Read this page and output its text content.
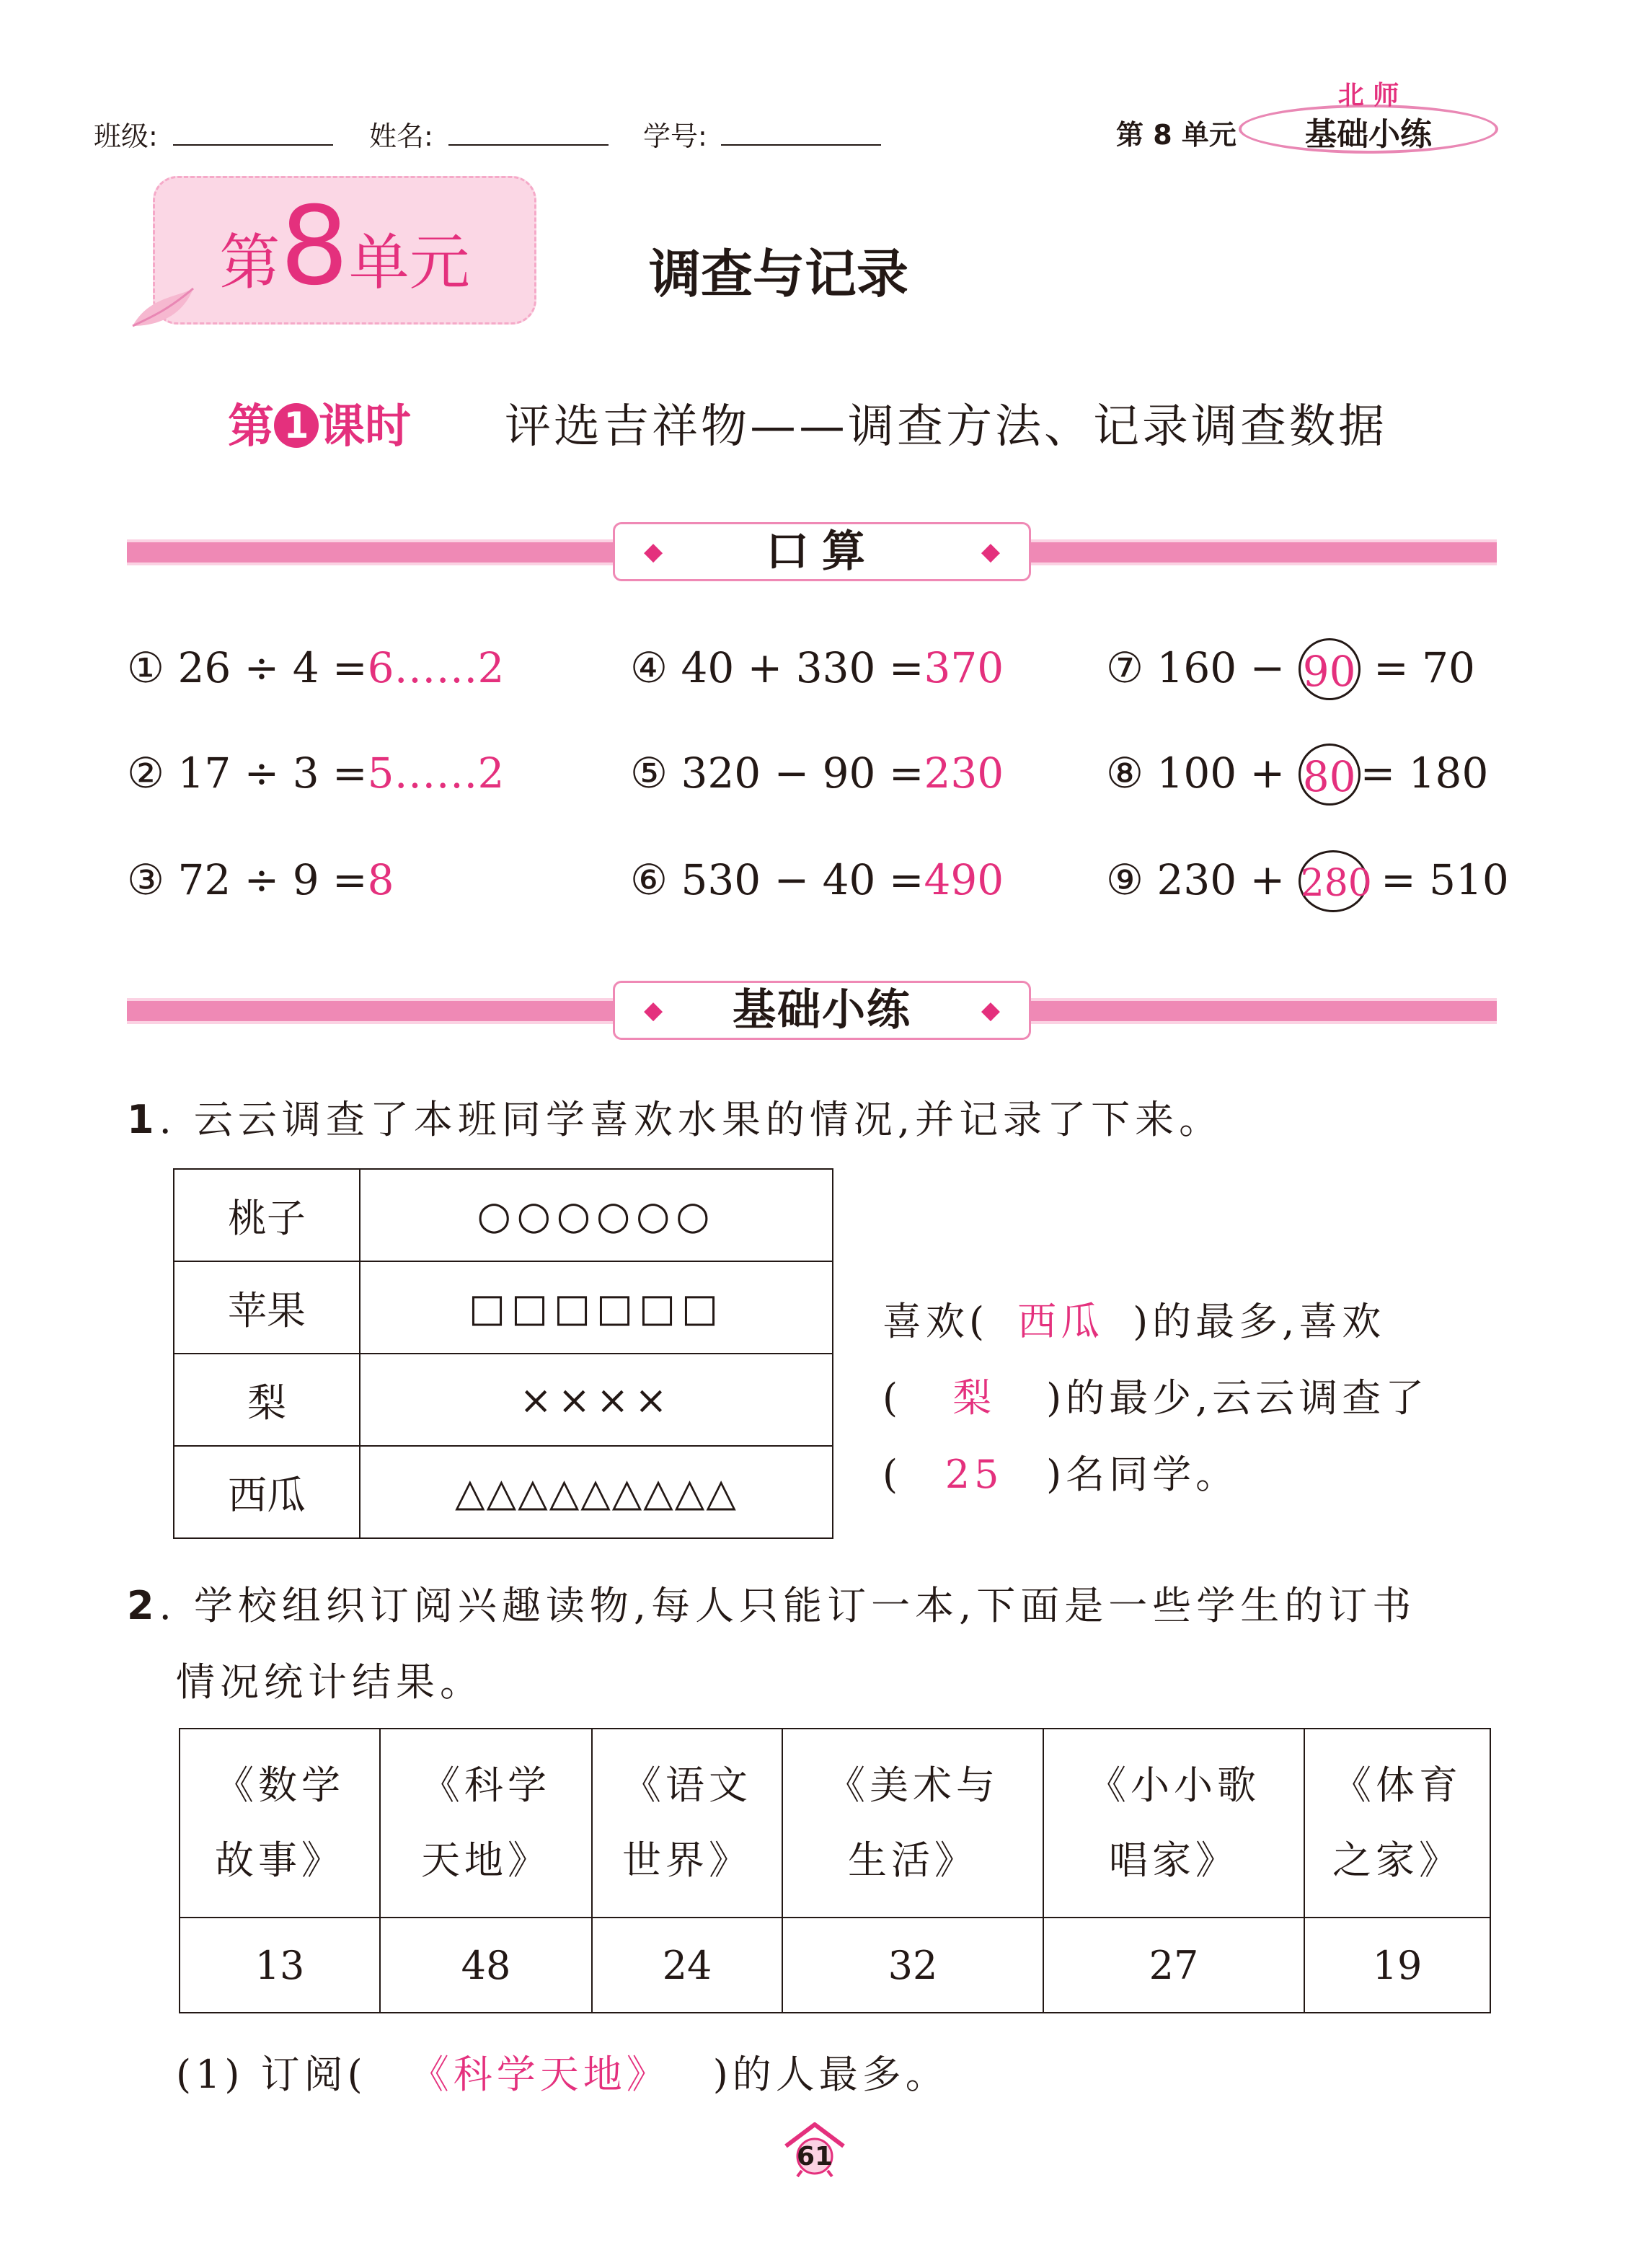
班级:	姓名:	学号:	第 8 单元	基础小练
北 师
第8单元	调查与记录
第 1 课时 评选吉祥物——调查方法、记录调查数据
◆	口算	◆
① 26 ÷ 4 =6……2
② 17 ÷ 3 =5……2
③ 72 ÷ 9 =8
④ 40 + 330 =370
⑤ 320 − 90 =230
⑥ 530 − 40 =490
⑦ 160 − 90 = 70
⑧ 100 + 80 = 180
⑨ 230 + 280 = 510
◆	基础小练	◆
1. 云云调查了本班同学喜欢水果的情况,并记录了下来。
桃子	○○○○○○
苹果	□□□□□□
梨	××××
西瓜	△△△△△△△△△
喜欢( 西瓜 )的最多,喜欢
( 梨 )的最少,云云调查了
( 25 )名同学。
2. 学校组织订阅兴趣读物,每人只能订一本,下面是一些学生的订书
情况统计结果。
《数学
故事》	《科学
天地》	《语文
世界》	《美术与
生活》	《小小歌
唱家》	《体育
之家》
13	48	24	32	27	19
(1) 订阅( 《科学天地》 )的人最多。
61
